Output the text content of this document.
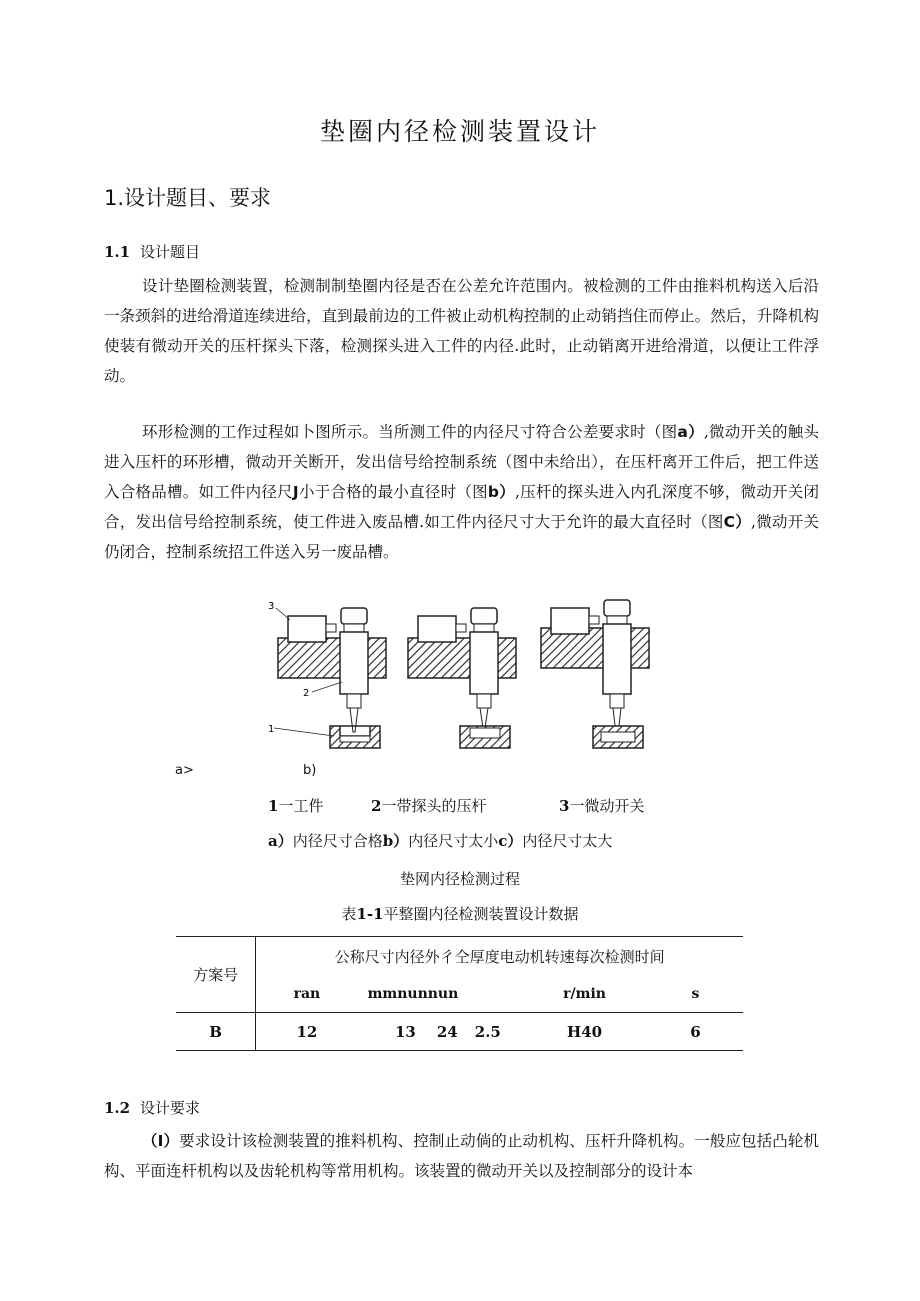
垫圈内径检测装置设计
1.设计题目、要求
1.1 设计题目
设计垫圈检测装置，检测制制垫圈内径是否在公差允许范围内。被检测的工件由推料机构送入后沿一条颈斜的进给滑道连续进给，直到最前边的工件被止动机构控制的止动销挡住而停止。然后，升降机构使装有微动开关的压杆探头下落，检测探头进入工件的内径.此时，止动销离开进给滑道，以便让工件浮动。
环形检测的工作过程如卜图所示。当所测工件的内径尺寸符合公差要求时（图a）,微动开关的触头进入压杆的环形槽，微动开关断开，发出信号给控制系统（图中未给出），在压杆离开工件后，把工件送入合格品槽。如工件内径尺J小于合格的最小直径时（图b）,压杆的探头进入内孔深度不够，微动开关闭合，发出信号给控制系统，使工件进入废品槽.如工件内径尺寸大于允许的最大直径时（图C）,微动开关仍闭合，控制系统招工件送入另一废品槽。
3
2
1
a>	b)
1一工件	2一带探头的压杆	3一微动开关
a）内径尺寸合格b）内径尺寸太小c）内径尺寸太大
垫网内径检测过程
表1-1平整圈内径检测装置设计数据
方案号	公称尺寸内径外彳仝厚度电动机转速每次检测时间					
	ran	mmnunnun			r/min	s
B	12	13	24	2.5	H40	6
1.2 设计要求
（I）要求设计该检测装置的推料机构、控制止动倘的止动机构、压杆升降机构。一般应包括凸轮机构、平面连杆机构以及齿轮机构等常用机构。该装置的微动开关以及控制部分的设计本
